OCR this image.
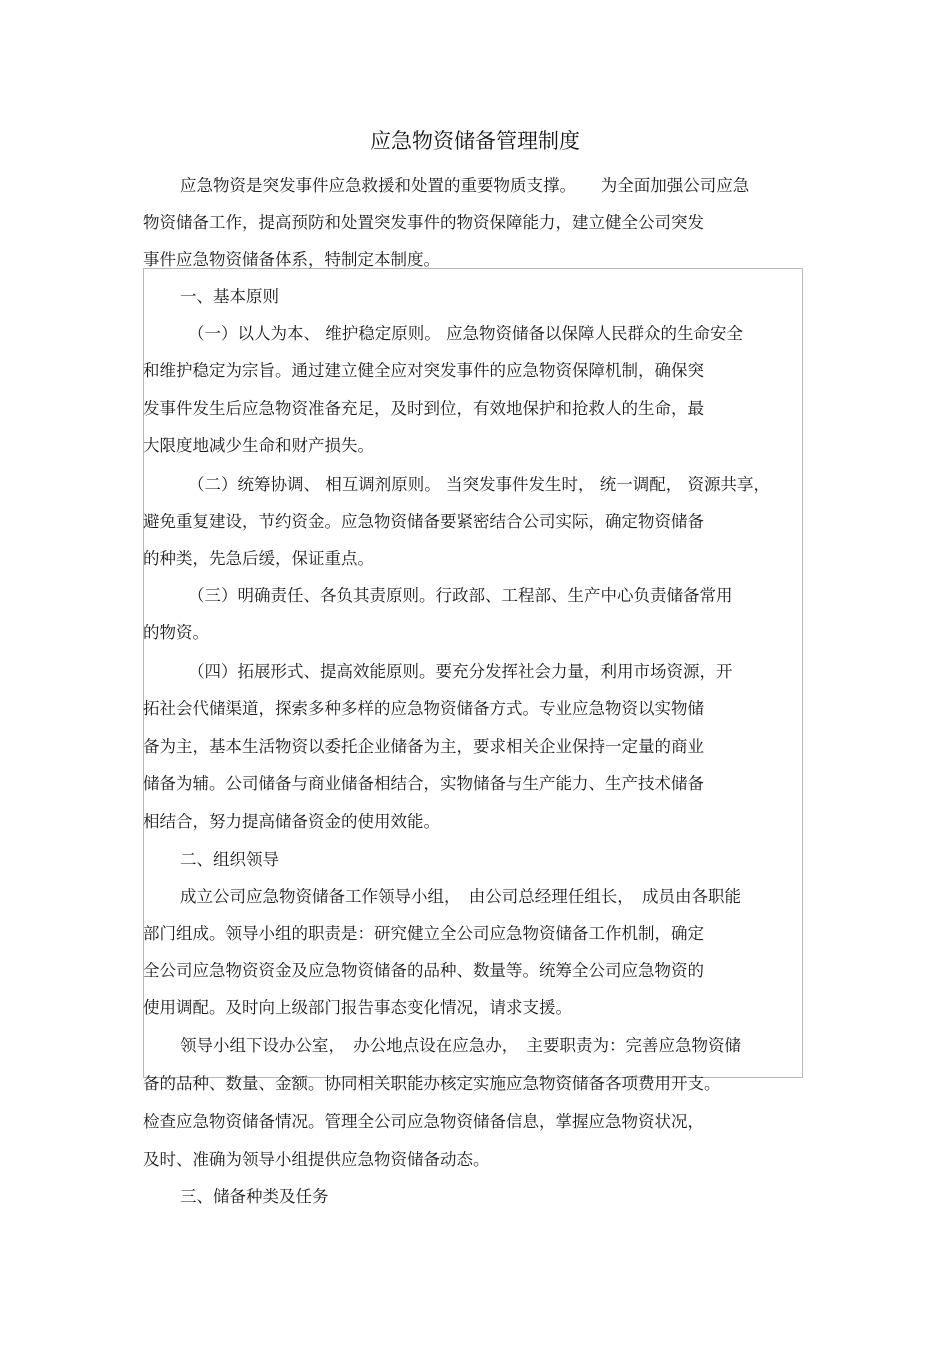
应急物资储备管理制度
应急物资是突发事件应急救援和处置的重要物质支撑。　　为全面加强公司应急
物资储备工作，提高预防和处置突发事件的物资保障能力，建立健全公司突发
事件应急物资储备体系，特制定本制度。
一、基本原则
（一）以人为本、 维护稳定原则。 应急物资储备以保障人民群众的生命安全
和维护稳定为宗旨。通过建立健全应对突发事件的应急物资保障机制，确保突
发事件发生后应急物资准备充足，及时到位，有效地保护和抢救人的生命，最
大限度地减少生命和财产损失。
（二）统筹协调、 相互调剂原则。 当突发事件发生时， 统一调配， 资源共享，
避免重复建设，节约资金。应急物资储备要紧密结合公司实际，确定物资储备
的种类，先急后缓，保证重点。
（三）明确责任、各负其责原则。行政部、工程部、生产中心负责储备常用
的物资。
（四）拓展形式、提高效能原则。要充分发挥社会力量，利用市场资源，开
拓社会代储渠道，探索多种多样的应急物资储备方式。专业应急物资以实物储
备为主，基本生活物资以委托企业储备为主，要求相关企业保持一定量的商业
储备为辅。公司储备与商业储备相结合，实物储备与生产能力、生产技术储备
相结合，努力提高储备资金的使用效能。
二、组织领导
成立公司应急物资储备工作领导小组，　由公司总经理任组长，　成员由各职能
部门组成。领导小组的职责是：研究健立全公司应急物资储备工作机制，确定
全公司应急物资资金及应急物资储备的品种、数量等。统筹全公司应急物资的
使用调配。及时向上级部门报告事态变化情况，请求支援。
领导小组下设办公室，　办公地点设在应急办，　主要职责为：完善应急物资储
备的品种、数量、金额。协同相关职能办核定实施应急物资储备各项费用开支。
检查应急物资储备情况。管理全公司应急物资储备信息，掌握应急物资状况，
及时、准确为领导小组提供应急物资储备动态。
三、储备种类及任务
